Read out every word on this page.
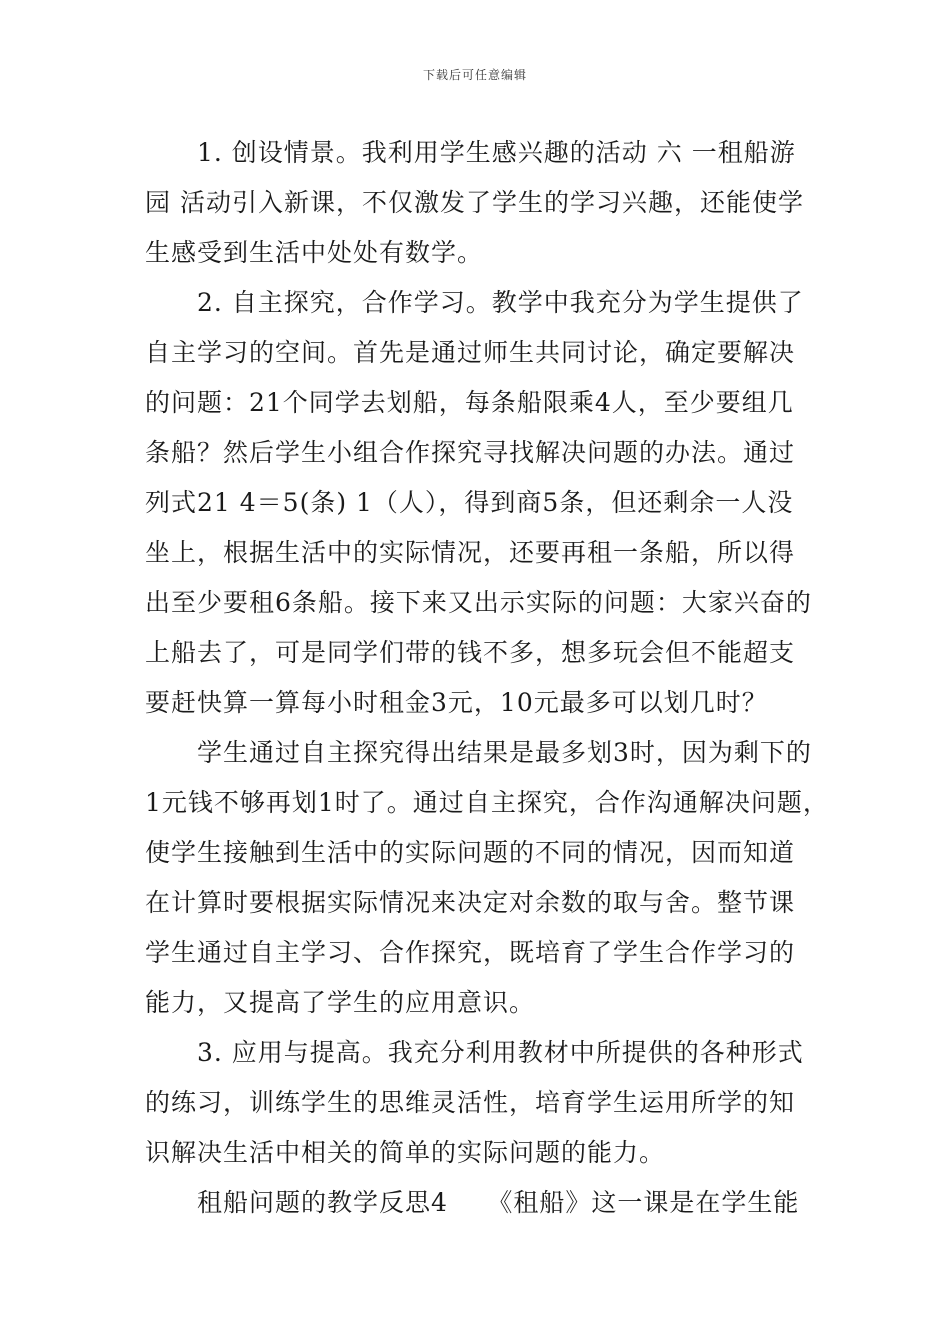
下载后可任意编辑
1. 创设情景。我利用学生感兴趣的活动 六 一租船游
园 活动引入新课，不仅激发了学生的学习兴趣，还能使学
生感受到生活中处处有数学。
2. 自主探究，合作学习。教学中我充分为学生提供了
自主学习的空间。首先是通过师生共同讨论，确定要解决
的问题：21个同学去划船，每条船限乘4人，至少要组几
条船？然后学生小组合作探究寻找解决问题的办法。通过
列式21 4＝5(条) 1（人），得到商5条，但还剩余一人没
坐上，根据生活中的实际情况，还要再租一条船，所以得
出至少要租6条船。接下来又出示实际的问题：大家兴奋的
上船去了，可是同学们带的钱不多，想多玩会但不能超支
要赶快算一算每小时租金3元，10元最多可以划几时？
学生通过自主探究得出结果是最多划3时，因为剩下的
1元钱不够再划1时了。通过自主探究，合作沟通解决问题，
使学生接触到生活中的实际问题的不同的情况，因而知道
在计算时要根据实际情况来决定对余数的取与舍。整节课
学生通过自主学习、合作探究，既培育了学生合作学习的
能力，又提高了学生的应用意识。
3. 应用与提高。我充分利用教材中所提供的各种形式
的练习，训练学生的思维灵活性，培育学生运用所学的知
识解决生活中相关的简单的实际问题的能力。
租船问题的教学反思4　　《租船》这一课是在学生能
